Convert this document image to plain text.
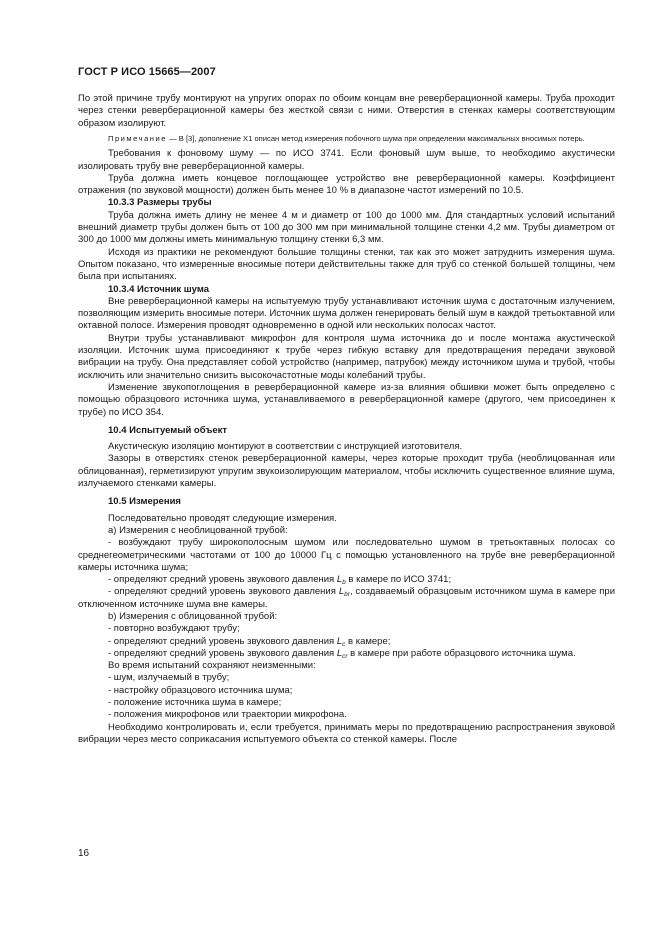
ГОСТ Р ИСО 15665—2007

По этой причине трубу монтируют на упругих опорах по обоим концам вне реверберационной камеры. Труба проходит через стенки реверберационной камеры без жесткой связи с ними. Отверстия в стенках камеры соответствующим образом изолируют.

Примечание — В [3], дополнение Х1 описан метод измерения побочного шума при определении максимальных вносимых потерь.

Требования к фоновому шуму — по ИСО 3741. Если фоновый шум выше, то необходимо акустически изолировать трубу вне реверберационной камеры.

Труба должна иметь концевое поглощающее устройство вне реверберационной камеры. Коэффициент отражения (по звуковой мощности) должен быть менее 10 % в диапазоне частот измерений по 10.5.

10.3.3 Размеры трубы

Труба должна иметь длину не менее 4 м и диаметр от 100 до 1000 мм. Для стандартных условий испытаний внешний диаметр трубы должен быть от 100 до 300 мм при минимальной толщине стенки 4,2 мм. Трубы диаметром от 300 до 1000 мм должны иметь минимальную толщину стенки 6,3 мм.

Исходя из практики не рекомендуют большие толщины стенки, так как это может затруднить измерения шума. Опытом показано, что измеренные вносимые потери действительны также для труб со стенкой большей толщины, чем была при испытаниях.

10.3.4 Источник шума

Вне реверберационной камеры на испытуемую трубу устанавливают источник шума с достаточным излучением, позволяющим измерить вносимые потери. Источник шума должен генерировать белый шум в каждой третьоктавной или октавной полосе. Измерения проводят одновременно в одной или нескольких полосах частот.

Внутри трубы устанавливают микрофон для контроля шума источника до и после монтажа акустической изоляции. Источник шума присоединяют к трубе через гибкую вставку для предотвращения передачи звуковой вибрации на трубу. Она представляет собой устройство (например, патрубок) между источником шума и трубой, чтобы исключить или значительно снизить высокочастотные моды колебаний трубы.

Изменение звукопоглощения в реверберационной камере из-за влияния обшивки может быть определено с помощью образцового источника шума, устанавливаемого в реверберационной камере (другого, чем присоединен к трубе) по ИСО 354.

10.4 Испытуемый объект

Акустическую изоляцию монтируют в соответствии с инструкцией изготовителя.

Зазоры в отверстиях стенок реверберационной камеры, через которые проходит труба (необлицованная или облицованная), герметизируют упругим звукоизолирующим материалом, чтобы исключить существенное влияние шума, излучаемого стенками камеры.

10.5 Измерения

Последовательно проводят следующие измерения.

a) Измерения с необлицованной трубой:

- возбуждают трубу широкополосным шумом или последовательно шумом в третьоктавных полосах со среднегеометрическими частотами от 100 до 10000 Гц с помощью установленного на трубе вне реверберационной камеры источника шума;

- определяют средний уровень звукового давления $L_b$ в камере по ИСО 3741;

- определяют средний уровень звукового давления $L_{br}$, создаваемый образцовым источником шума в камере при отключенном источнике шума вне камеры.

b) Измерения с облицованной трубой:

- повторно возбуждают трубу;

- определяют средний уровень звукового давления $L_c$ в камере;

- определяют средний уровень звукового давления $L_{cr}$ в камере при работе образцового источника шума.

Во время испытаний сохраняют неизменными:

- шум, излучаемый в трубу;

- настройку образцового источника шума;

- положение источника шума в камере;

- положения микрофонов или траектории микрофона.

Необходимо контролировать и, если требуется, принимать меры по предотвращению распространения звуковой вибрации через место соприкасания испытуемого объекта со стенкой камеры. После

16
